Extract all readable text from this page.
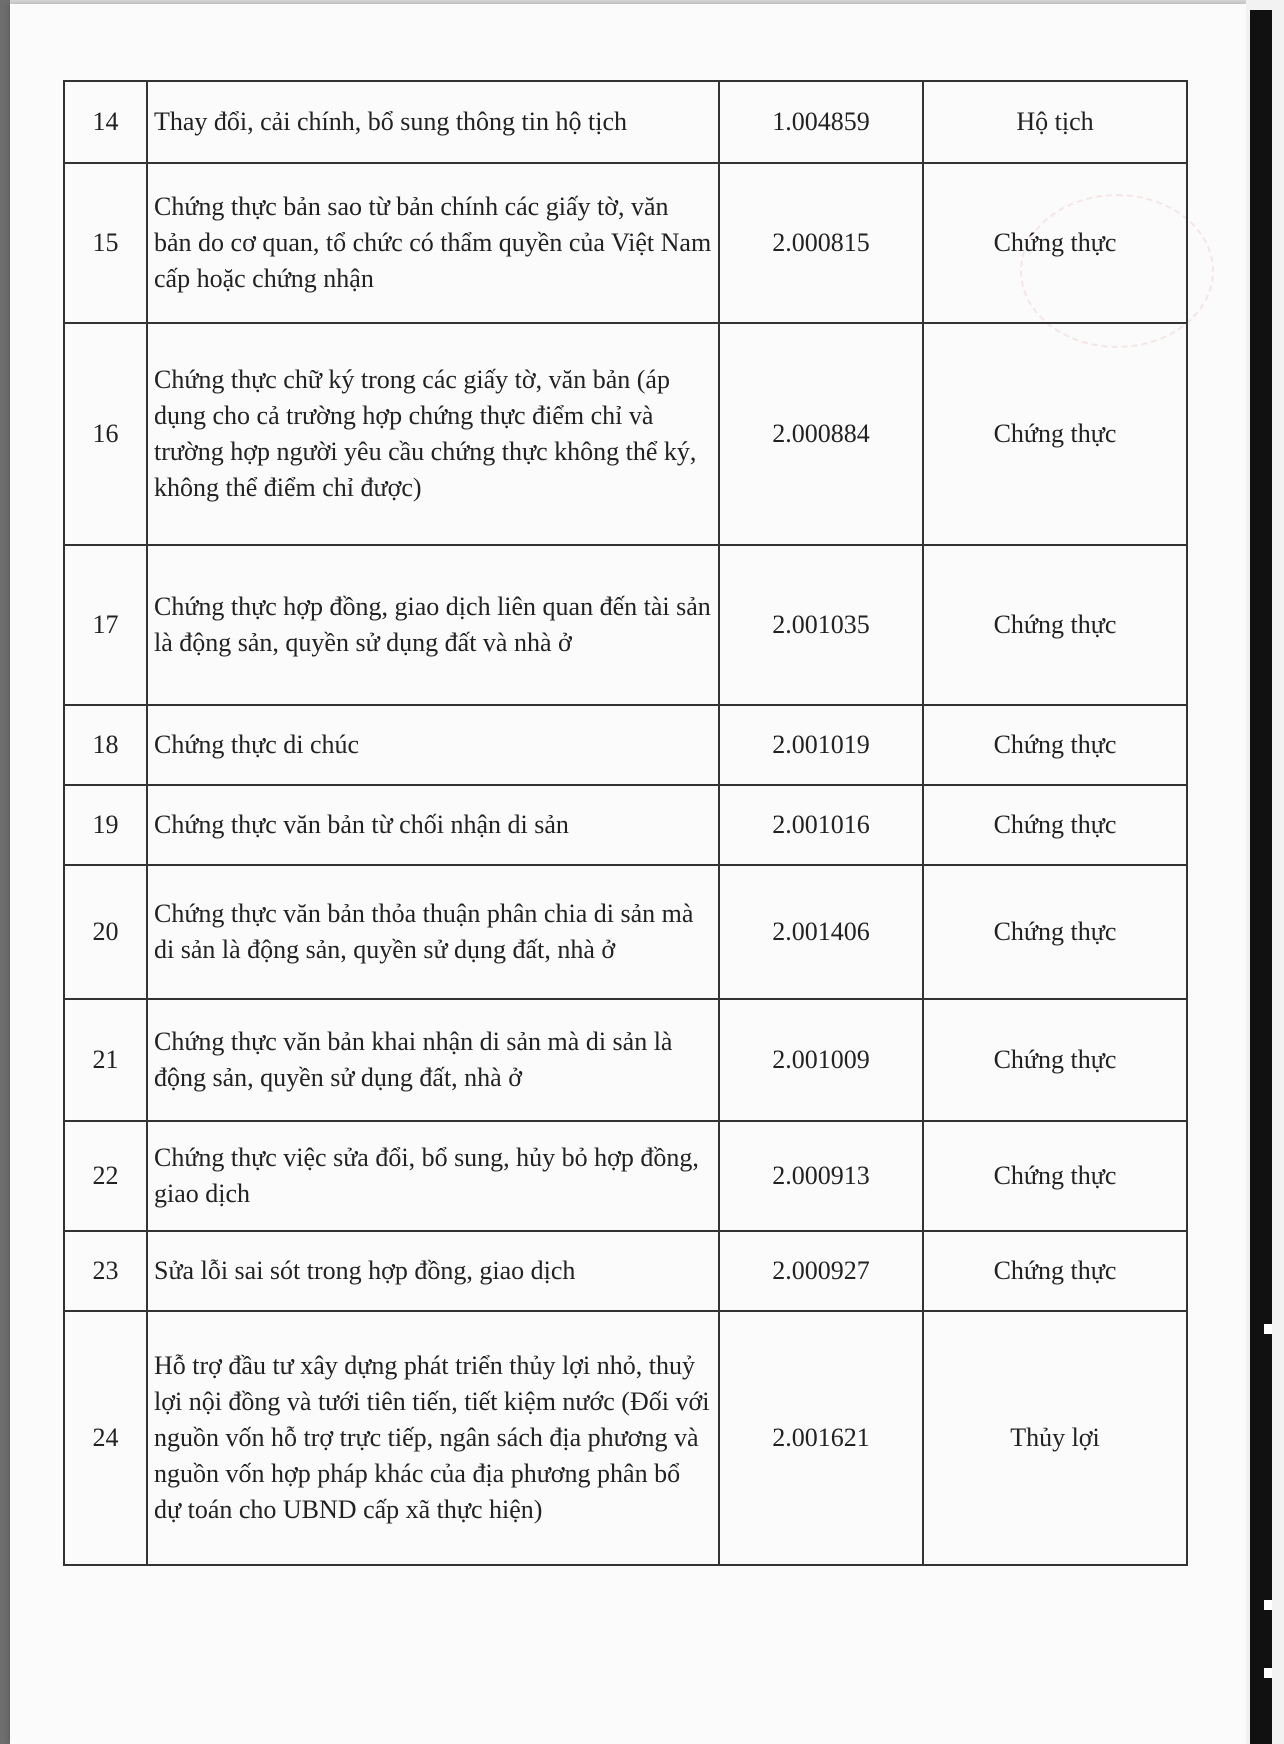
14	Thay đổi, cải chính, bổ sung thông tin hộ tịch	1.004859	Hộ tịch
15	Chứng thực bản sao từ bản chính các giấy tờ, văn bản do cơ quan, tổ chức có thẩm quyền của Việt Nam cấp hoặc chứng nhận	2.000815	Chứng thực
16	Chứng thực chữ ký trong các giấy tờ, văn bản (áp dụng cho cả trường hợp chứng thực điểm chỉ và trường hợp người yêu cầu chứng thực không thể ký, không thể điểm chỉ được)	2.000884	Chứng thực
17	Chứng thực hợp đồng, giao dịch liên quan đến tài sản là động sản, quyền sử dụng đất và nhà ở	2.001035	Chứng thực
18	Chứng thực di chúc	2.001019	Chứng thực
19	Chứng thực văn bản từ chối nhận di sản	2.001016	Chứng thực
20	Chứng thực văn bản thỏa thuận phân chia di sản mà di sản là động sản, quyền sử dụng đất, nhà ở	2.001406	Chứng thực
21	Chứng thực văn bản khai nhận di sản mà di sản là động sản, quyền sử dụng đất, nhà ở	2.001009	Chứng thực
22	Chứng thực việc sửa đổi, bổ sung, hủy bỏ hợp đồng, giao dịch	2.000913	Chứng thực
23	Sửa lỗi sai sót trong hợp đồng, giao dịch	2.000927	Chứng thực
24	Hỗ trợ đầu tư xây dựng phát triển thủy lợi nhỏ, thuỷ lợi nội đồng và tưới tiên tiến, tiết kiệm nước (Đối với nguồn vốn hỗ trợ trực tiếp, ngân sách địa phương và nguồn vốn hợp pháp khác của địa phương phân bổ dự toán cho UBND cấp xã thực hiện)	2.001621	Thủy lợi
